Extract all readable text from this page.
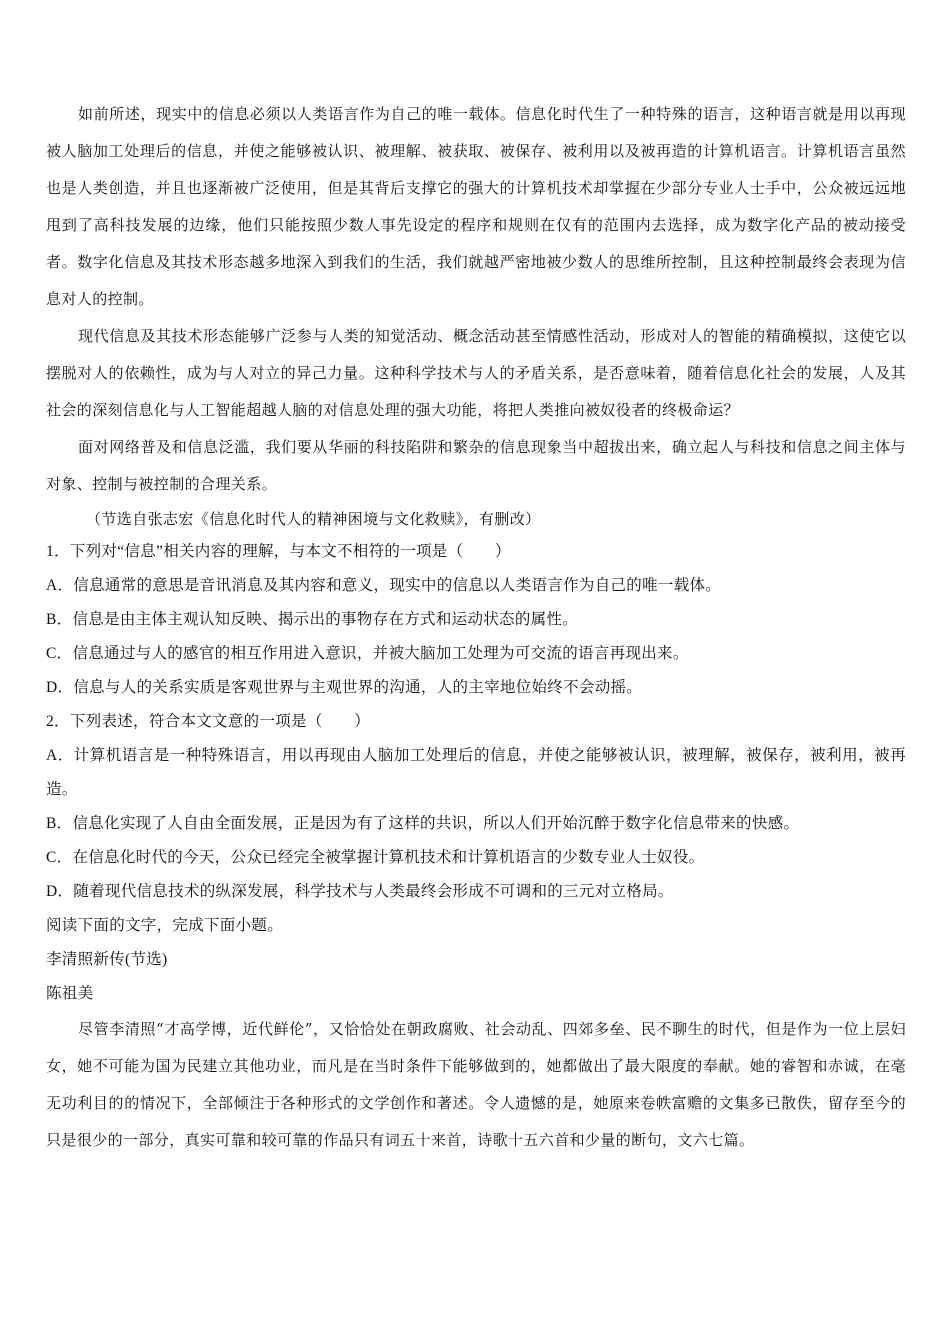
如前所述，现实中的信息必须以人类语言作为自己的唯一载体。信息化时代生了一种特殊的语言，这种语言就是用以再现被人脑加工处理后的信息，并使之能够被认识、被理解、被获取、被保存、被利用以及被再造的计算机语言。计算机语言虽然也是人类创造，并且也逐渐被广泛使用，但是其背后支撑它的强大的计算机技术却掌握在少部分专业人士手中，公众被远远地甩到了高科技发展的边缘，他们只能按照少数人事先设定的程序和规则在仅有的范围内去选择，成为数字化产品的被动接受者。数字化信息及其技术形态越多地深入到我们的生活，我们就越严密地被少数人的思维所控制，且这种控制最终会表现为信息对人的控制。

现代信息及其技术形态能够广泛参与人类的知觉活动、概念活动甚至情感性活动，形成对人的智能的精确模拟，这使它以摆脱对人的依赖性，成为与人对立的异己力量。这种科学技术与人的矛盾关系，是否意味着，随着信息化社会的发展，人及其社会的深刻信息化与人工智能超越人脑的对信息处理的强大功能，将把人类推向被奴役者的终极命运？

面对网络普及和信息泛滥，我们要从华丽的科技陷阱和繁杂的信息现象当中超拔出来，确立起人与科技和信息之间主体与对象、控制与被控制的合理关系。

（节选自张志宏《信息化时代人的精神困境与文化救赎》，有删改）

1．下列对“信息”相关内容的理解，与本文不相符的一项是（　　）

A．信息通常的意思是音讯消息及其内容和意义，现实中的信息以人类语言作为自己的唯一载体。

B．信息是由主体主观认知反映、揭示出的事物存在方式和运动状态的属性。

C．信息通过与人的感官的相互作用进入意识，并被大脑加工处理为可交流的语言再现出来。

D．信息与人的关系实质是客观世界与主观世界的沟通，人的主宰地位始终不会动摇。

2．下列表述，符合本文文意的一项是（　　）

A．计算机语言是一种特殊语言，用以再现由人脑加工处理后的信息，并使之能够被认识，被理解，被保存，被利用，被再造。

B．信息化实现了人自由全面发展，正是因为有了这样的共识，所以人们开始沉醉于数字化信息带来的快感。

C．在信息化时代的今天，公众已经完全被掌握计算机技术和计算机语言的少数专业人士奴役。

D．随着现代信息技术的纵深发展，科学技术与人类最终会形成不可调和的三元对立格局。

阅读下面的文字，完成下面小题。

李清照新传(节选)

陈祖美

尽管李清照“才高学博，近代鲜伦”，又恰恰处在朝政腐败、社会动乱、四郊多垒、民不聊生的时代，但是作为一位上层妇女，她不可能为国为民建立其他功业，而凡是在当时条件下能够做到的，她都做出了最大限度的奉献。她的睿智和赤诚，在毫无功利目的的情况下，全部倾注于各种形式的文学创作和著述。令人遗憾的是，她原来卷帙富赡的文集多已散佚，留存至今的只是很少的一部分，真实可靠和较可靠的作品只有词五十来首，诗歌十五六首和少量的断句，文六七篇。
